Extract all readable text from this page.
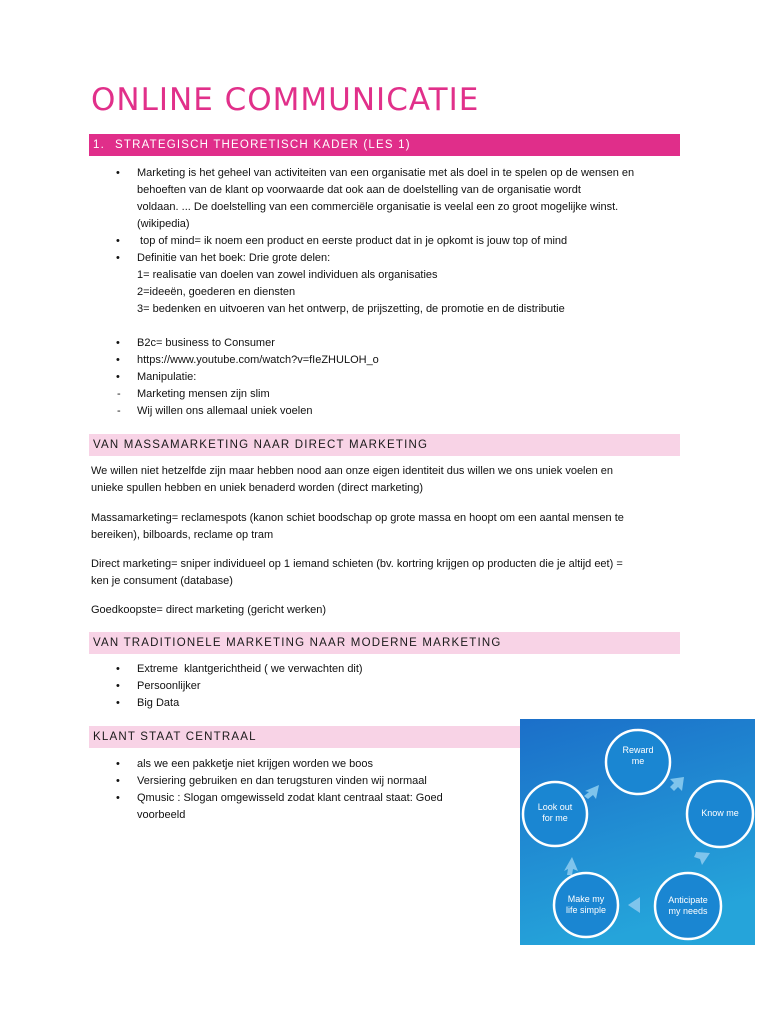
ONLINE COMMUNICATIE
1. STRATEGISCH THEORETISCH KADER (LES 1)
• Marketing is het geheel van activiteiten van een organisatie met als doel in te spelen op de wensen en
behoeften van de klant op voorwaarde dat ook aan de doelstelling van de organisatie wordt
voldaan. ... De doelstelling van een commerciële organisatie is veelal een zo groot mogelijke winst.
(wikipedia)
•  top of mind= ik noem een product en eerste product dat in je opkomt is jouw top of mind
• Definitie van het boek: Drie grote delen:
1= realisatie van doelen van zowel individuen als organisaties
2=ideeën, goederen en diensten
3= bedenken en uitvoeren van het ontwerp, de prijszetting, de promotie en de distributie
• B2c= business to Consumer
• https://www.youtube.com/watch?v=fIeZHULOH_o
• Manipulatie:
- Marketing mensen zijn slim
- Wij willen ons allemaal uniek voelen
VAN MASSAMARKETING NAAR DIRECT MARKETING
We willen niet hetzelfde zijn maar hebben nood aan onze eigen identiteit dus willen we ons uniek voelen en
unieke spullen hebben en uniek benaderd worden (direct marketing)
Massamarketing= reclamespots (kanon schiet boodschap op grote massa en hoopt om een aantal mensen te
bereiken), bilboards, reclame op tram
Direct marketing= sniper individueel op 1 iemand schieten (bv. kortring krijgen op producten die je altijd eet) =
ken je consument (database)
Goedkoopste= direct marketing (gericht werken)
VAN TRADITIONELE MARKETING NAAR MODERNE MARKETING
• Extreme  klantgerichtheid ( we verwachten dit)
• Persoonlijker
• Big Data
KLANT STAAT CENTRAAL
• als we een pakketje niet krijgen worden we boos
• Versiering gebruiken en dan terugsturen vinden wij normaal
• Qmusic : Slogan omgewisseld zodat klant centraal staat: Goed
voorbeeld
Reward
me
Know me
Anticipate
my needs
Make my
life simple
Look out
for me
